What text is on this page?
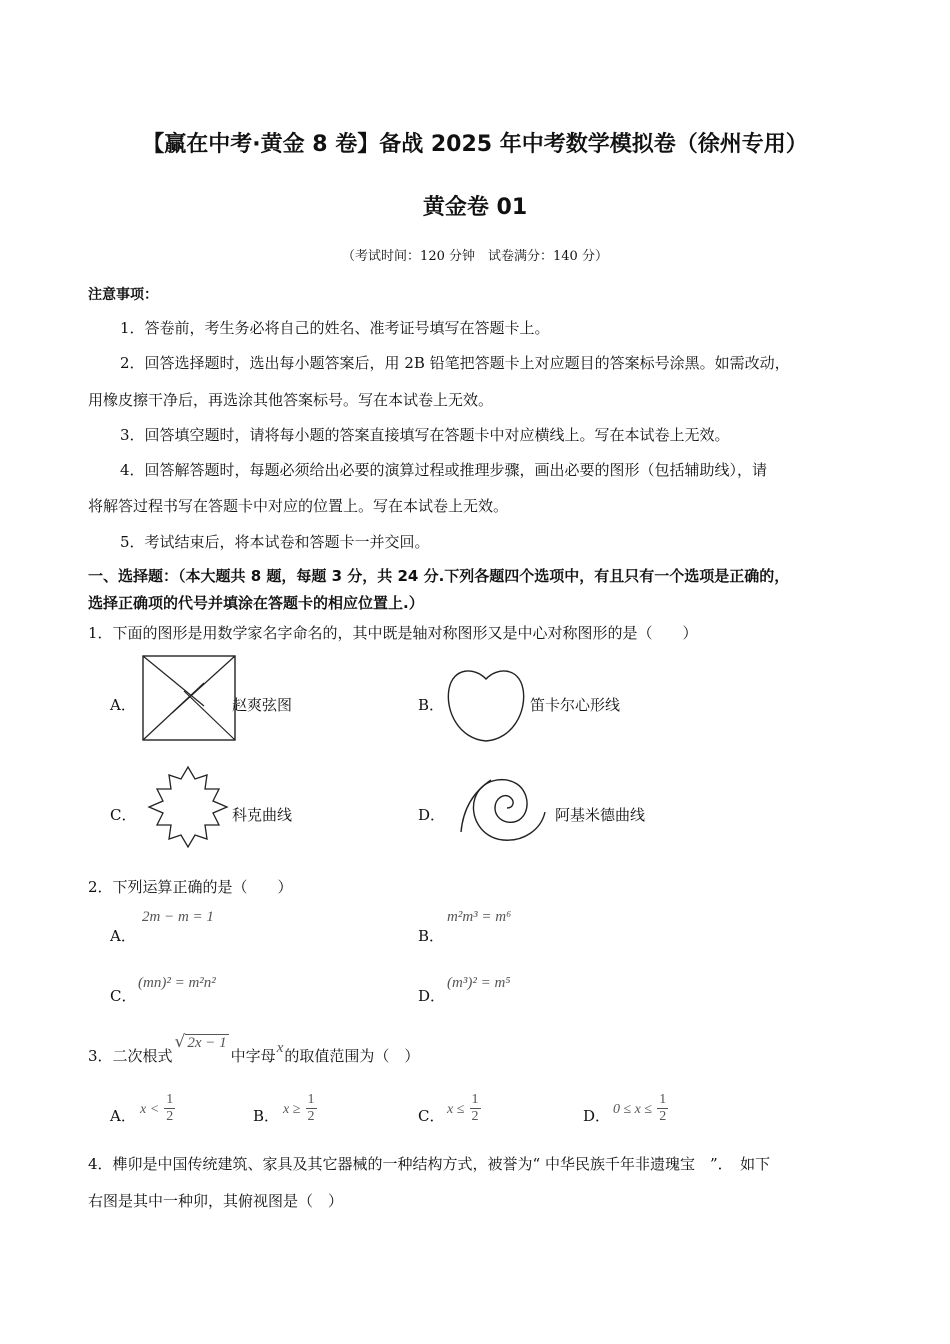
【赢在中考·黄金 8 卷】备战 2025 年中考数学模拟卷（徐州专用）
黄金卷 01
（考试时间：120 分钟　试卷满分：140 分）
注意事项：
1．答卷前，考生务必将自己的姓名、准考证号填写在答题卡上。
2．回答选择题时，选出每小题答案后，用 2B 铅笔把答题卡上对应题目的答案标号涂黑。如需改动，
用橡皮擦干净后，再选涂其他答案标号。写在本试卷上无效。
3．回答填空题时，请将每小题的答案直接填写在答题卡中对应横线上。写在本试卷上无效。
4．回答解答题时，每题必须给出必要的演算过程或推理步骤，画出必要的图形（包括辅助线），请
将解答过程书写在答题卡中对应的位置上。写在本试卷上无效。
5．考试结束后，将本试卷和答题卡一并交回。
一、选择题：（本大题共 8 题，每题 3 分，共 24 分.下列各题四个选项中，有且只有一个选项是正确的，
选择正确项的代号并填涂在答题卡的相应位置上.）
1．下面的图形是用数学家名字命名的，其中既是轴对称图形又是中心对称图形的是（　　）
A．	赵爽弦图	B．	笛卡尔心形线
C．	科克曲线	D．	阿基米德曲线
2．下列运算正确的是（　　）
A．
2m − m = 1
B．
m²m³ = m⁶
C．
(mn)² = m²n²
D．
(m³)² = m⁵
3．二次根式√ 2x − 1中字母x的取值范围为（　）
A． $x < \frac{1}{2}$	B． $x \ge \frac{1}{2}$	C． $x \le \frac{1}{2}$	D． $0 \le x \le \frac{1}{2}$
4．榫卯是中国传统建筑、家具及其它器械的一种结构方式，被誉为“ 中华民族千年非遗瑰宝　”．　如下
右图是其中一种卯，其俯视图是（　）
